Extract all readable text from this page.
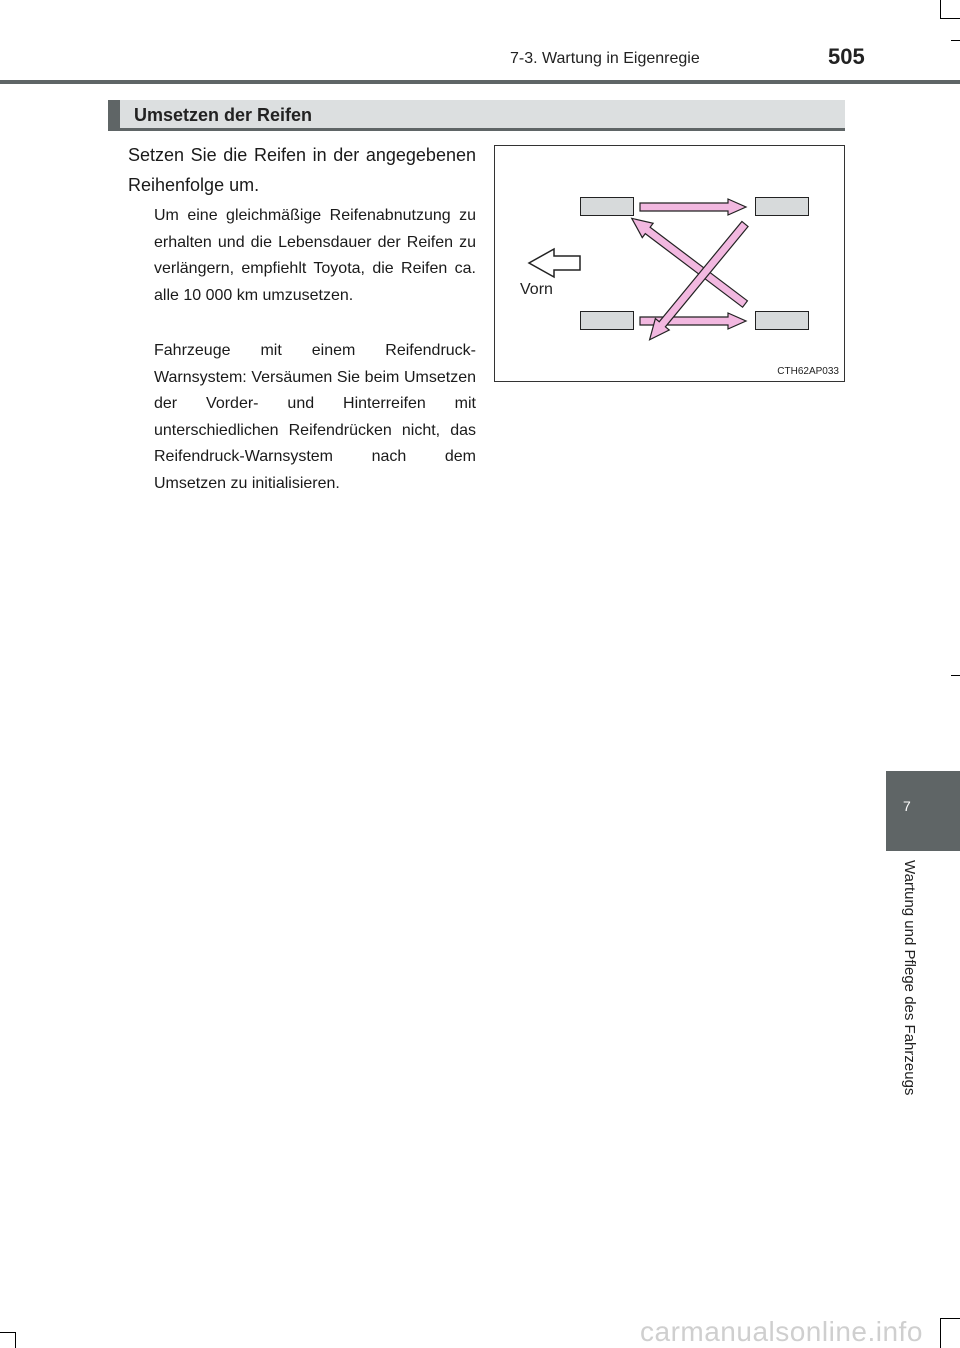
7-3. Wartung in Eigenregie	505
Umsetzen der Reifen
Setzen Sie die Reifen in der angegebenen Reihenfolge um.
Um eine gleichmäßige Reifenabnutzung zu erhalten und die Lebensdauer der Reifen zu verlängern, empfiehlt Toyota, die Reifen ca. alle 10 000 km umzusetzen.
Fahrzeuge mit einem Reifendruck-Warnsystem: Versäumen Sie beim Umsetzen der Vorder- und Hinterreifen mit unterschiedlichen Reifendrücken nicht, das Reifendruck-Warnsystem nach dem Umsetzen zu initialisieren.
Vorn
CTH62AP033
7
Wartung und Pflege des Fahrzeugs
carmanualsonline.info
